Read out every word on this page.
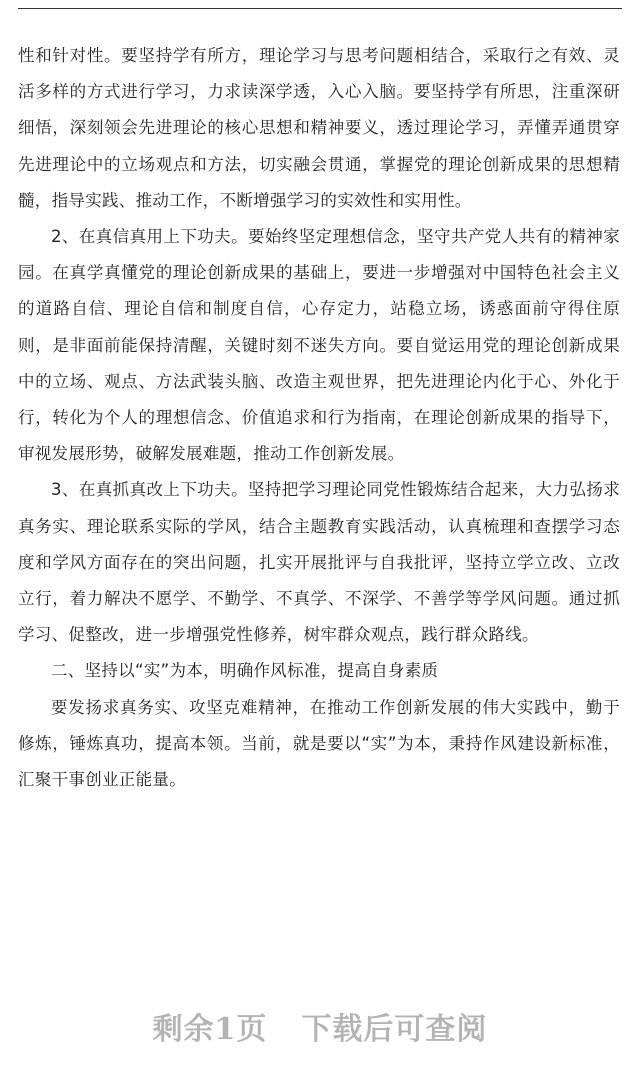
性和针对性。要坚持学有所方，理论学习与思考问题相结合，采取行之有效、灵活多样的方式进行学习，力求读深学透，入心入脑。要坚持学有所思，注重深研细悟，深刻领会先进理论的核心思想和精神要义，透过理论学习，弄懂弄通贯穿先进理论中的立场观点和方法，切实融会贯通，掌握党的理论创新成果的思想精髓，指导实践、推动工作，不断增强学习的实效性和实用性。

2、在真信真用上下功夫。要始终坚定理想信念，坚守共产党人共有的精神家园。在真学真懂党的理论创新成果的基础上，要进一步增强对中国特色社会主义的道路自信、理论自信和制度自信，心存定力，站稳立场，诱惑面前守得住原则，是非面前能保持清醒，关键时刻不迷失方向。要自觉运用党的理论创新成果中的立场、观点、方法武装头脑、改造主观世界，把先进理论内化于心、外化于行，转化为个人的理想信念、价值追求和行为指南，在理论创新成果的指导下，审视发展形势，破解发展难题，推动工作创新发展。

3、在真抓真改上下功夫。坚持把学习理论同党性锻炼结合起来，大力弘扬求真务实、理论联系实际的学风，结合主题教育实践活动，认真梳理和查摆学习态度和学风方面存在的突出问题，扎实开展批评与自我批评，坚持立学立改、立改立行，着力解决不愿学、不勤学、不真学、不深学、不善学等学风问题。通过抓学习、促整改，进一步增强党性修养，树牢群众观点，践行群众路线。

二、坚持以“实”为本，明确作风标准，提高自身素质

要发扬求真务实、攻坚克难精神，在推动工作创新发展的伟大实践中，勤于修炼，锤炼真功，提高本领。当前，就是要以“实”为本，秉持作风建设新标准，汇聚干事创业正能量。

剩余1页 下载后可查阅
